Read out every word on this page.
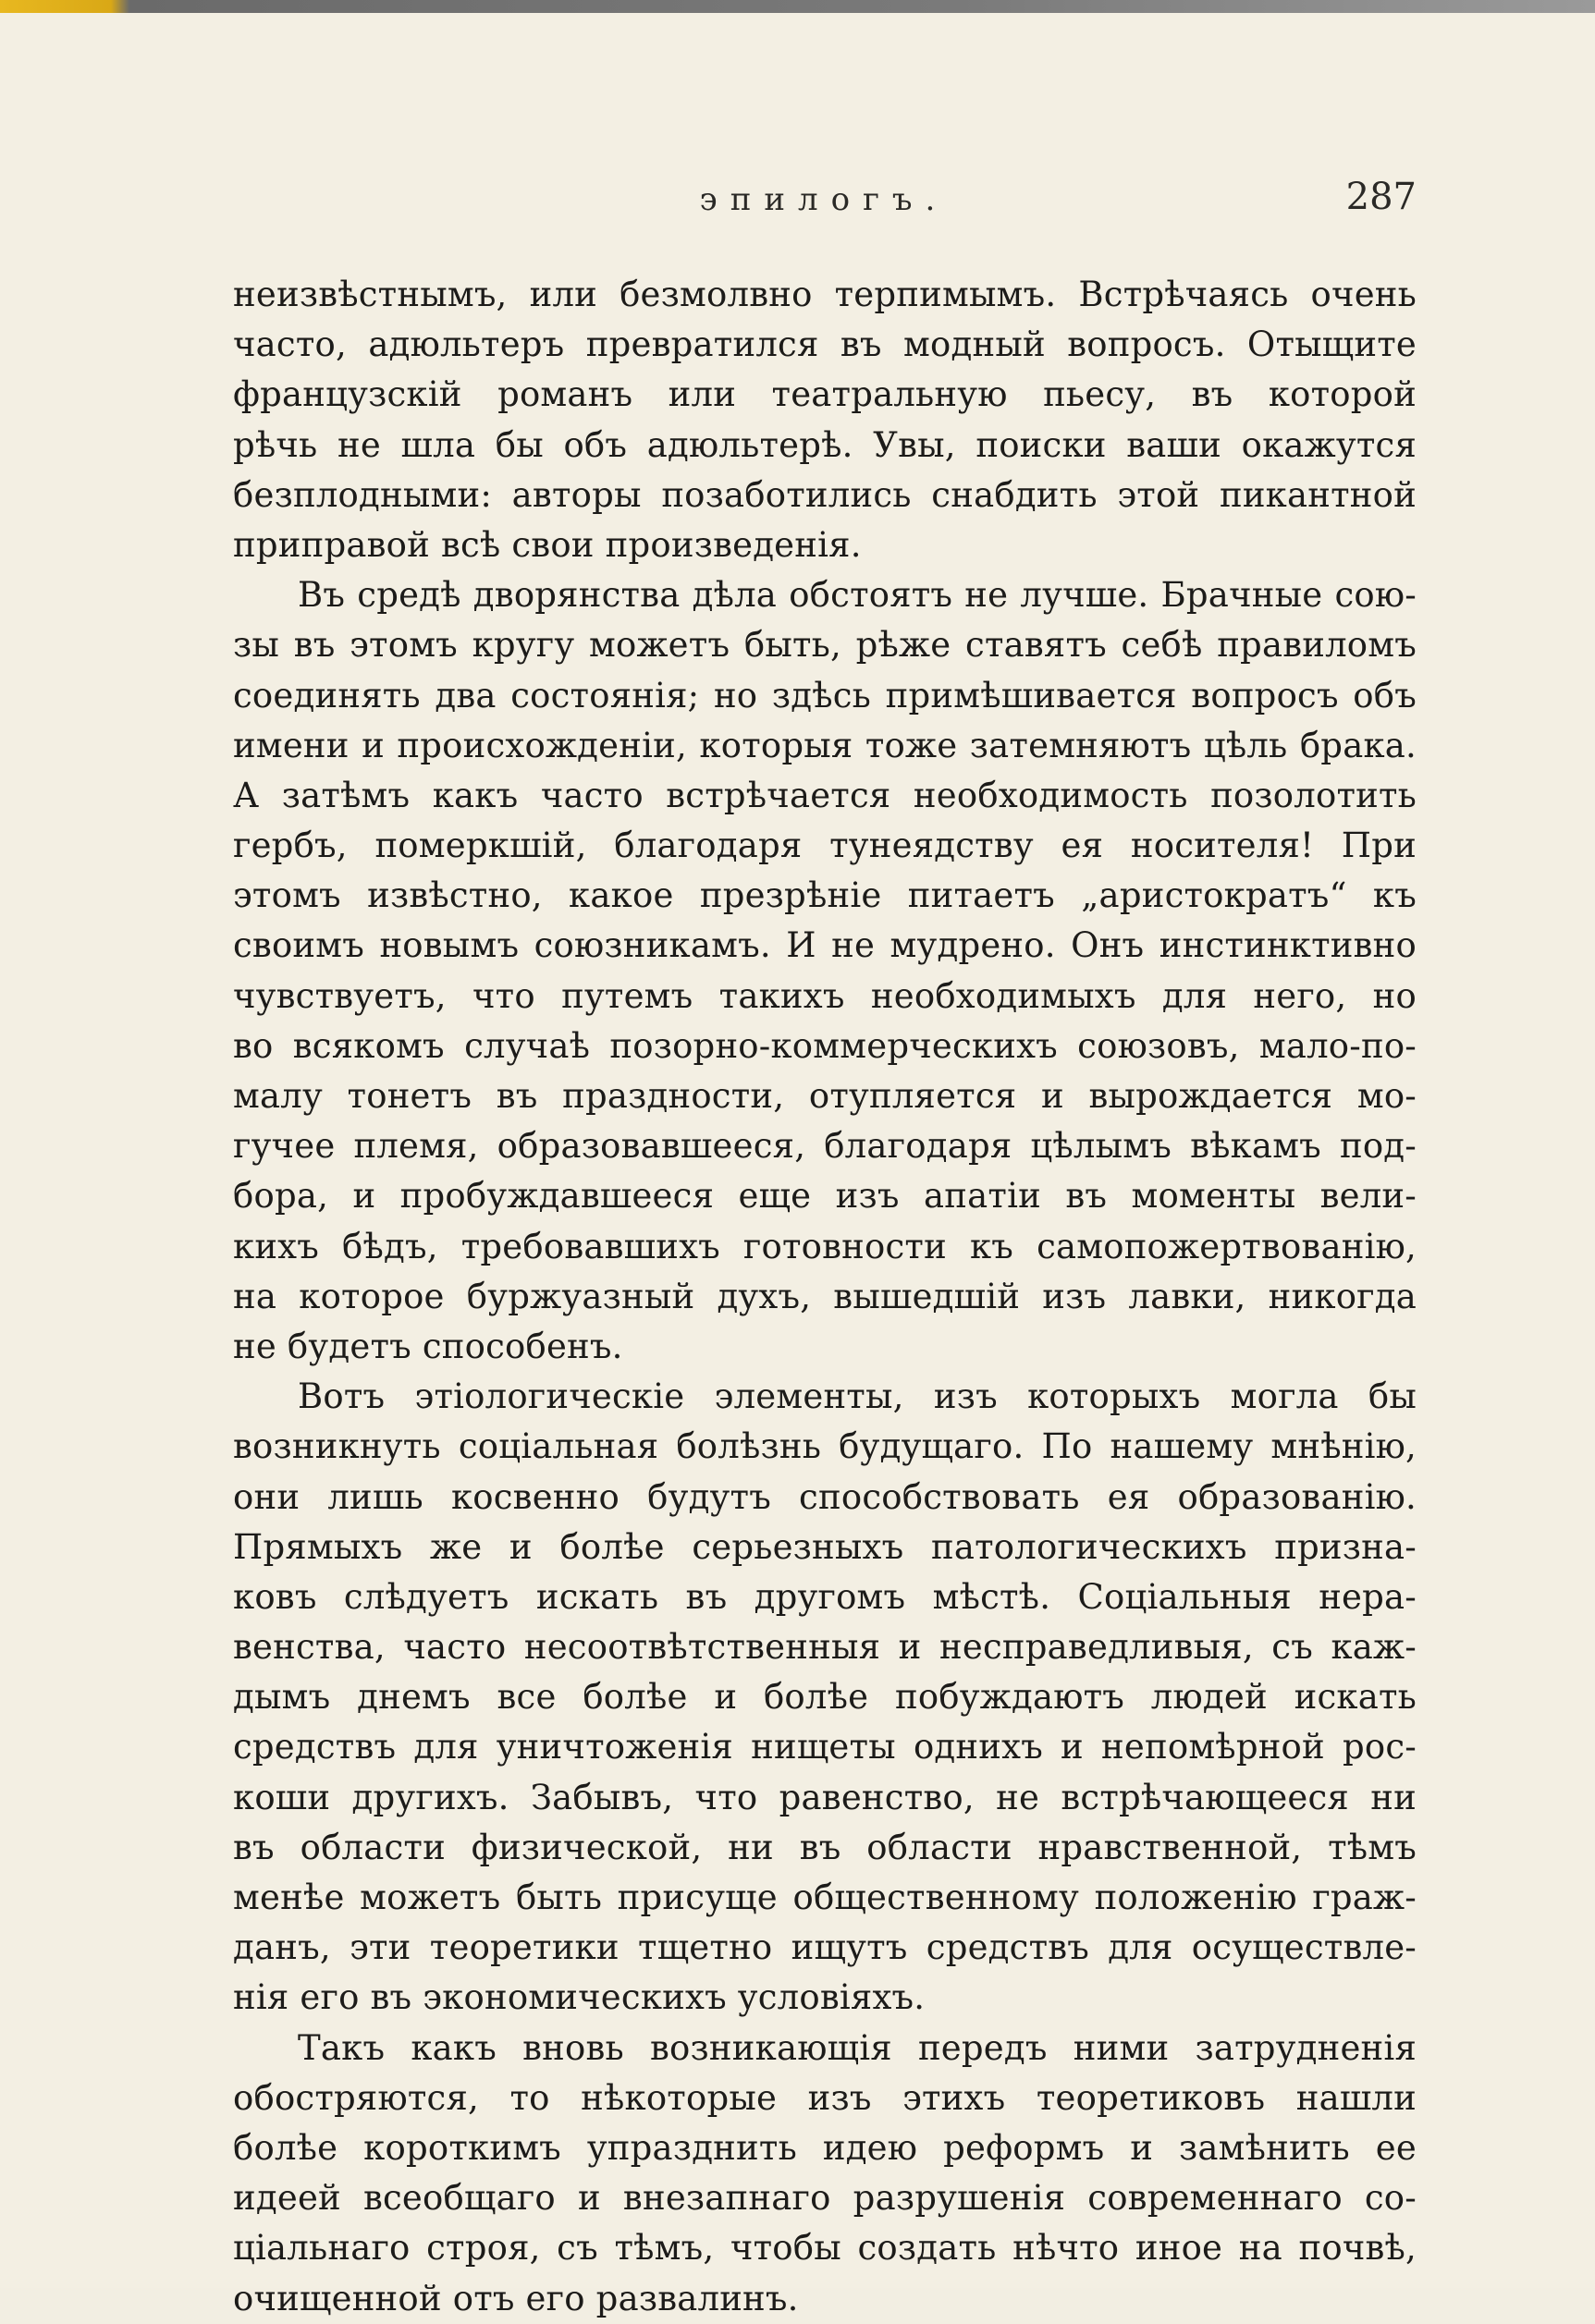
эпилогъ.	287
неизвѣстнымъ, или безмолвно терпимымъ. Встрѣчаясь очень
часто, адюльтеръ превратился въ модный вопросъ. Отыщите
французскій романъ или театральную пьесу, въ которой
рѣчь не шла бы объ адюльтерѣ. Увы, поиски ваши окажутся
безплодными: авторы позаботились снабдить этой пикантной
приправой всѣ свои произведенія.
Въ средѣ дворянства дѣла обстоятъ не лучше. Брачные сою-
зы въ этомъ кругу можетъ быть, рѣже ставятъ себѣ правиломъ
соединять два состоянія; но здѣсь примѣшивается вопросъ объ
имени и происхожденіи, которыя тоже затемняютъ цѣль брака.
А затѣмъ какъ часто встрѣчается необходимость позолотить
гербъ, померкшій, благодаря тунеядству ея носителя! При
этомъ извѣстно, какое презрѣніе питаетъ „аристократъ“ къ
своимъ новымъ союзникамъ. И не мудрено. Онъ инстинктивно
чувствуетъ, что путемъ такихъ необходимыхъ для него, но
во всякомъ случаѣ позорно-коммерческихъ союзовъ, мало-по-
малу тонетъ въ праздности, отупляется и вырождается мо-
гучее племя, образовавшееся, благодаря цѣлымъ вѣкамъ под-
бора, и пробуждавшееся еще изъ апатіи въ моменты вели-
кихъ бѣдъ, требовавшихъ готовности къ самопожертвованію,
на которое буржуазный духъ, вышедшій изъ лавки, никогда
не будетъ способенъ.
Вотъ этіологическіе элементы, изъ которыхъ могла бы
возникнуть соціальная болѣзнь будущаго. По нашему мнѣнію,
они лишь косвенно будутъ способствовать ея образованію.
Прямыхъ же и болѣе серьезныхъ патологическихъ призна-
ковъ слѣдуетъ искать въ другомъ мѣстѣ. Соціальныя нера-
венства, часто несоотвѣтственныя и несправедливыя, съ каж-
дымъ днемъ все болѣе и болѣе побуждаютъ людей искать
средствъ для уничтоженія нищеты однихъ и непомѣрной рос-
коши другихъ. Забывъ, что равенство, не встрѣчающееся ни
въ области физической, ни въ области нравственной, тѣмъ
менѣе можетъ быть присуще общественному положенію граж-
данъ, эти теоретики тщетно ищутъ средствъ для осуществле-
нія его въ экономическихъ условіяхъ.
Такъ какъ вновь возникающія передъ ними затрудненія
обостряются, то нѣкоторые изъ этихъ теоретиковъ нашли
болѣе короткимъ упразднить идею реформъ и замѣнить ее
идеей всеобщаго и внезапнаго разрушенія современнаго со-
ціальнаго строя, съ тѣмъ, чтобы создать нѣчто иное на почвѣ,
очищенной отъ его развалинъ.
